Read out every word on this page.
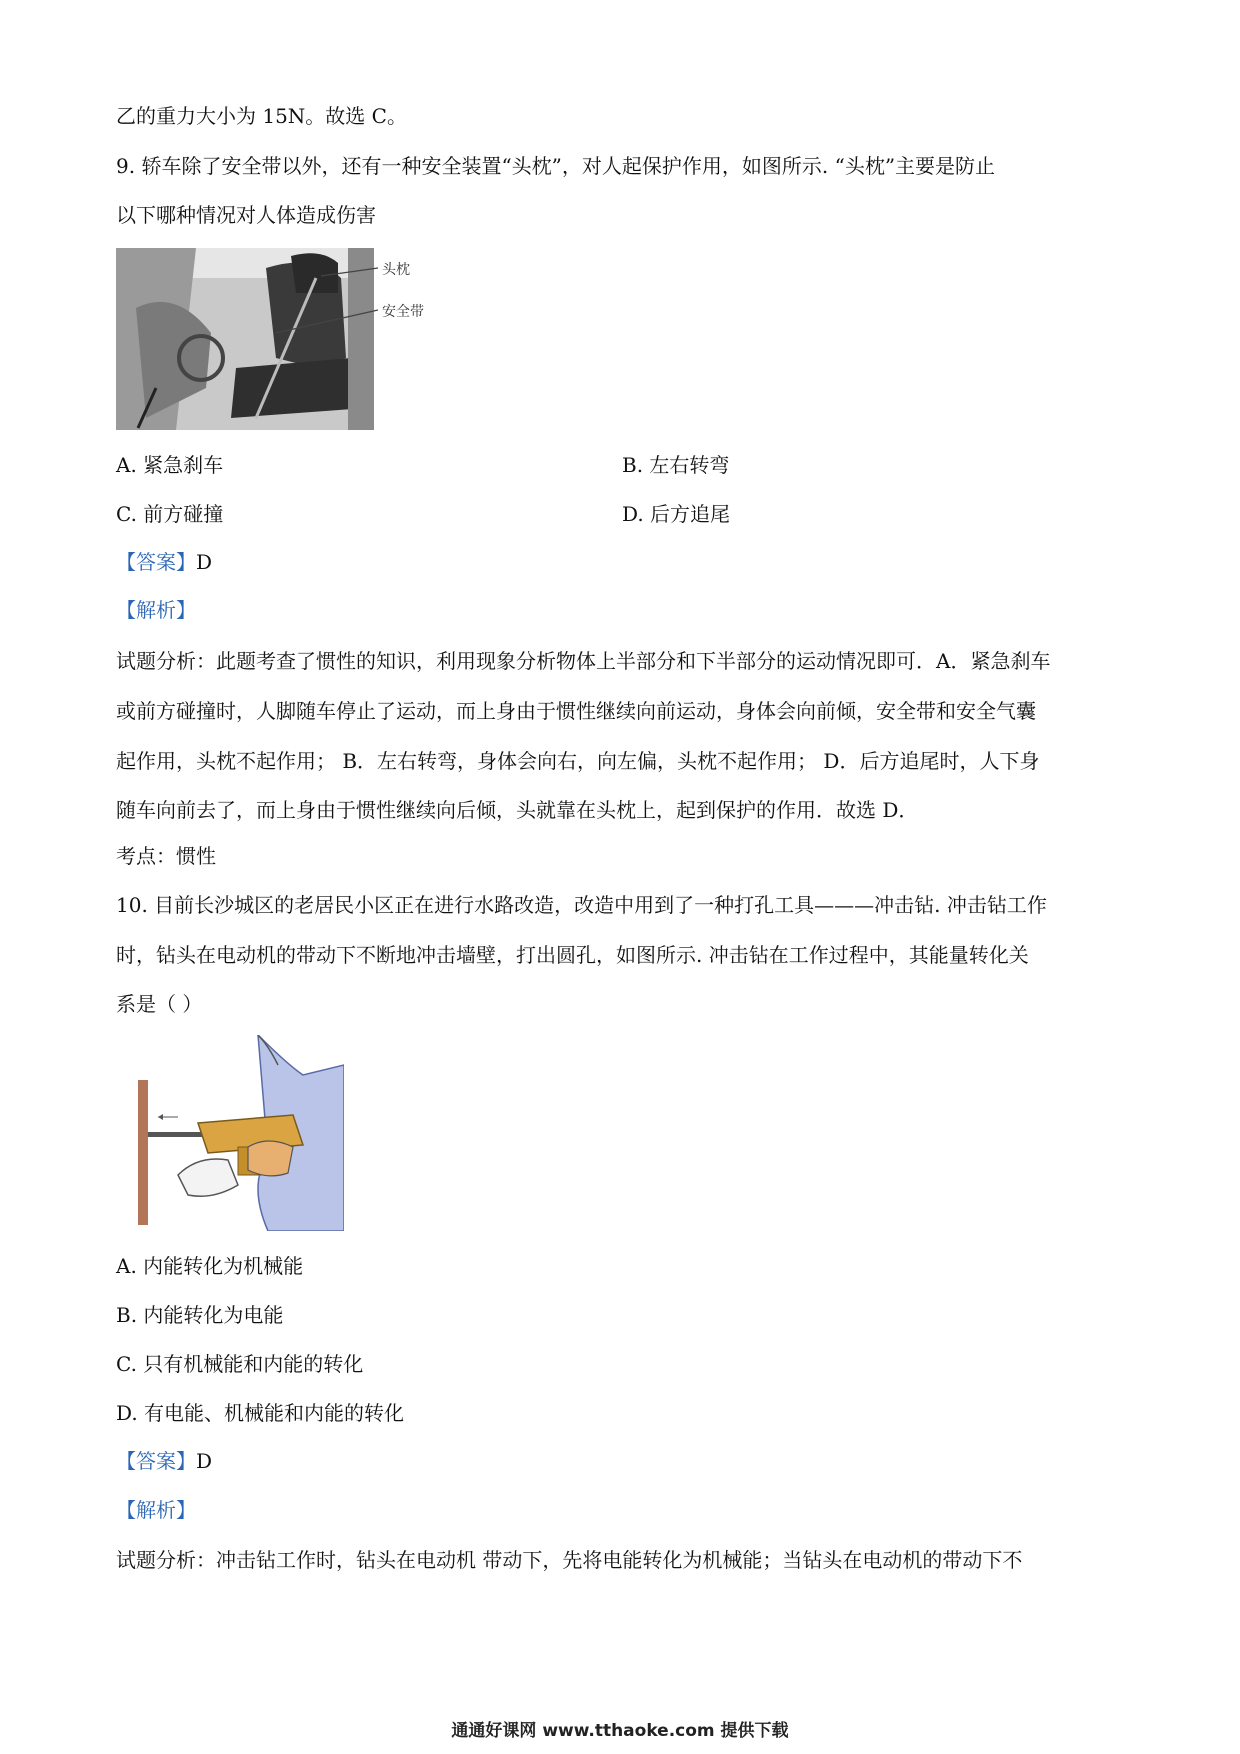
乙的重力大小为 15N。故选 C。
9. 轿车除了安全带以外，还有一种安全装置“头枕”，对人起保护作用，如图所示. “头枕”主要是防止
以下哪种情况对人体造成伤害
头枕
安全带
A. 紧急刹车	B. 左右转弯
C. 前方碰撞	D. 后方追尾
【答案】D
【解析】
试题分析：此题考查了惯性的知识，利用现象分析物体上半部分和下半部分的运动情况即可．A．紧急刹车
或前方碰撞时，人脚随车停止了运动，而上身由于惯性继续向前运动，身体会向前倾，安全带和安全气囊
起作用，头枕不起作用； B．左右转弯，身体会向右，向左偏，头枕不起作用； D．后方追尾时，人下身
随车向前去了，而上身由于惯性继续向后倾，头就靠在头枕上，起到保护的作用．故选 D．
考点：惯性
10. 目前长沙城区的老居民小区正在进行水路改造，改造中用到了一种打孔工具———冲击钻. 冲击钻工作
时，钻头在电动机的带动下不断地冲击墙壁，打出圆孔，如图所示. 冲击钻在工作过程中，其能量转化关
系是（ ）
A. 内能转化为机械能
B. 内能转化为电能
C. 只有机械能和内能的转化
D. 有电能、机械能和内能的转化
【答案】D
【解析】
试题分析：冲击钻工作时，钻头在电动机 带动下，先将电能转化为机械能；当钻头在电动机的带动下不
通通好课网 www.tthaoke.com 提供下载
